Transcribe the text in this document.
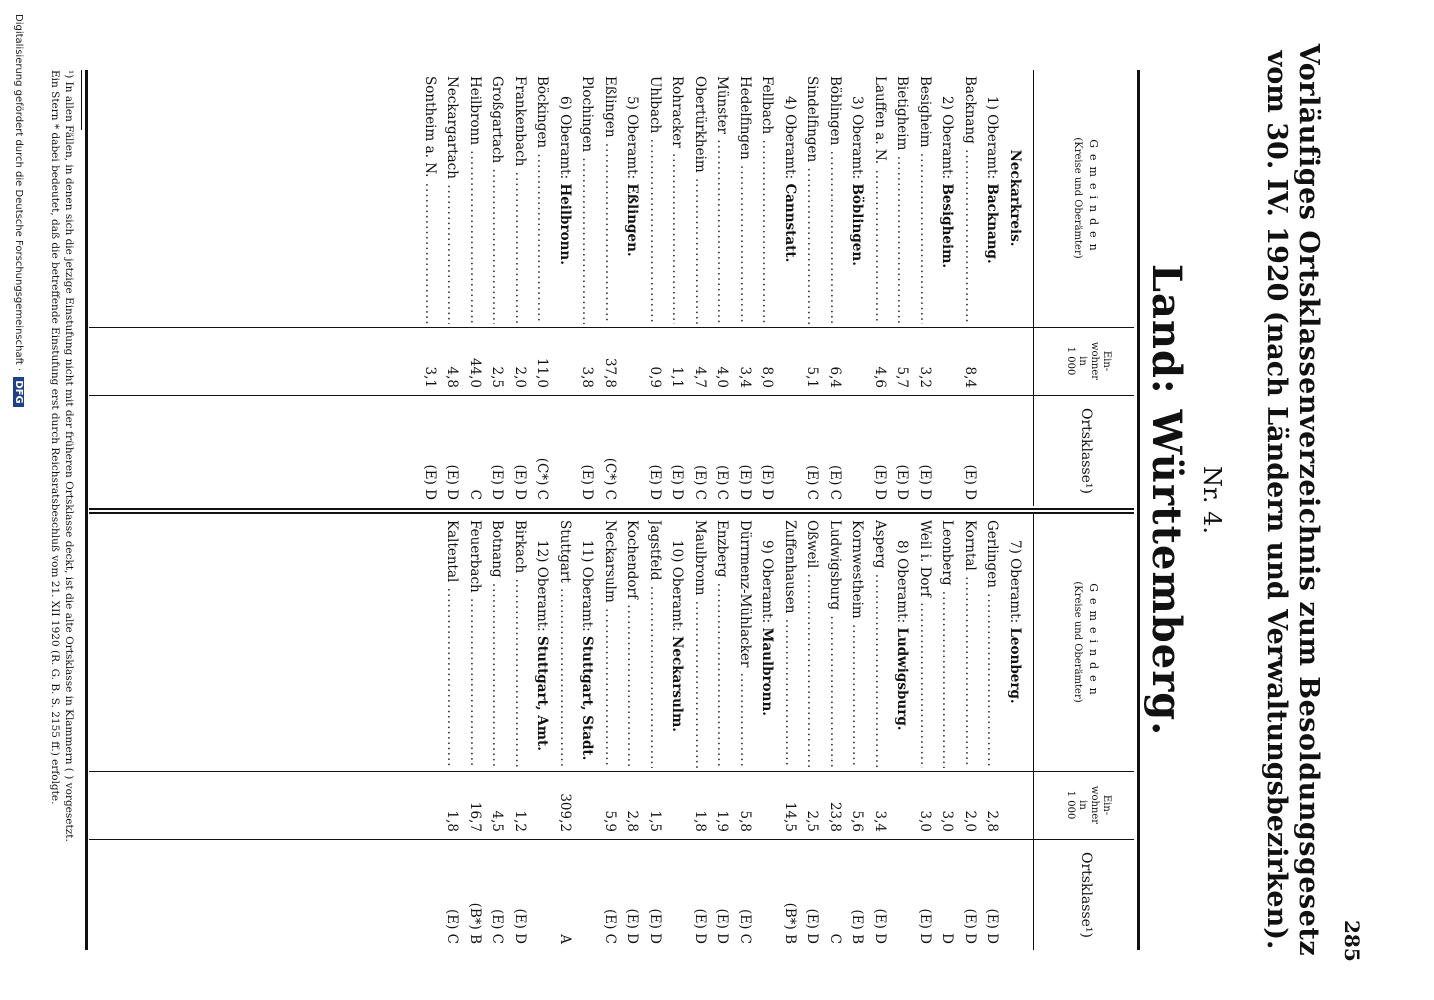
285
Vorläufiges Ortsklassenverzeichnis zum Besoldungsgesetz
vom 30. IV. 1920 (nach Ländern und Verwaltungsbezirken).
Nr. 4.
Land: Württemberg.
Gemeinden
(Kreise und Oberämter)
Ein-
wohner
in
1 000
Ortsklasse¹)
Neckarkreis.
1) Oberamt: Backnang.
Backnang .....
8,4
(E) D
2) Oberamt: Besigheim.
Besigheim .....
3,2
(E) D
Bietigheim .....
5,7
(E) D
Lauffen a. N. .....
4,6
(E) D
3) Oberamt: Böblingen.
Böblingen .....
6,4
(E) C
Sindelfingen .....
5,1
(E) C
4) Oberamt: Cannstatt.
Fellbach .....
8,0
(E) D
Hedelfingen .....
3,4
(E) D
Münster .....
4,0
(E) C
Obertürkheim .....
4,7
(E) C
Rohracker .....
1,1
(E) D
Uhlbach .....
0,9
(E) D
5) Oberamt: Eßlingen.
Eßlingen .....
37,8
(C*) C
Plochingen .....
3,8
(E) D
6) Oberamt: Heilbronn.
Böckingen .....
11,0
(C*) C
Frankenbach .....
2,0
(E) D
Großgartach .....
2,5
(E) D
Heilbronn .....
44,0
C
Neckargartach .....
4,8
(E) D
Sontheim a. N. .....
3,1
(E) D
Gemeinden
(Kreise und Oberämter)
Ein-
wohner
in
1 000
Ortsklasse¹)
7) Oberamt: Leonberg.
Gerlingen .....
2,8
(E) D
Korntal .....
2,0
(E) D
Leonberg .....
3,0
D
Weil i. Dorf .....
3,0
(E) D
8) Oberamt: Ludwigsburg.
Asperg .....
3,4
(E) D
Kornwestheim .....
5,6
(E) B
Ludwigsburg .....
23,8
C
Oßweil .....
2,5
(E) D
Zuffenhausen .....
14,5
(B*) B
9) Oberamt: Maulbronn.
Dürrmenz-Mühlacker .....
5,8
(E) C
Enzberg .....
1,9
(E) D
Maulbronn .....
1,8
(E) D
10) Oberamt: Neckarsulm.
Jagstfeld .....
1,5
(E) D
Kochendorf .....
2,8
(E) D
Neckarsulm .....
5,9
(E) C
11) Oberamt: Stuttgart, Stadt.
Stuttgart .....
309,2
A
12) Oberamt: Stuttgart, Amt.
Birkach .....
1,2
(E) D
Botnang .....
4,5
(E) C
Feuerbach .....
16,7
(B*) B
Kaltental .....
1,8
(E) C

¹) In allen Fällen, in denen sich die jetzige Einstufung nicht mit der früheren Ortsklasse deckt, ist die alte Ortsklasse in Klammern ( ) vorgesetzt.

Ein Stern * dabei bedeutet, daß die betreffende Einstufung erst durch Reichsratsbeschluß vom 21. XII 1920 (R. G. B. S. 2155 ff.) erfolgte.

Digitalisierung gefördert durch die Deutsche Forschungsgemeinschaft · DFG
